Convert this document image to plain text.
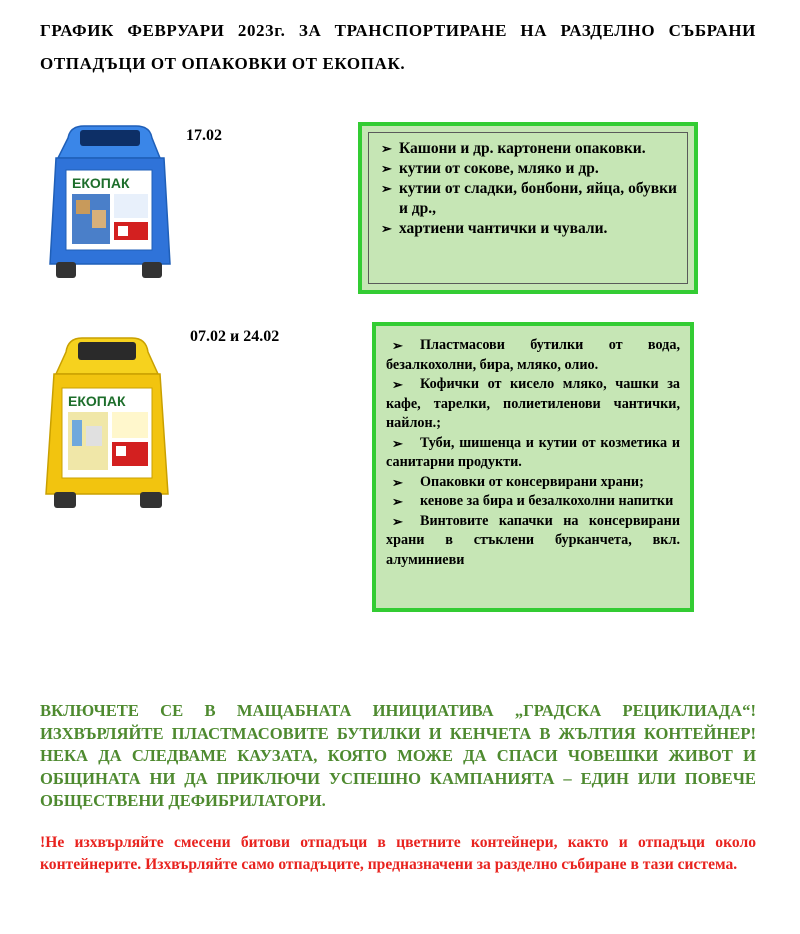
ГРАФИК ФЕВРУАРИ 2023г. ЗА ТРАНСПОРТИРАНЕ НА РАЗДЕЛНО СЪБРАНИ ОТПАДЪЦИ ОТ ОПАКОВКИ ОТ ЕКОПАК.
ЕКОПАК
17.02
➢ Кашони и др. картонени опаковки.
➢ кутии от сокове, мляко и др.
➢ кутии от сладки, бонбони, яйца, обувки и др.,
➢ хартиени чантички и чували.
ЕКОПАК
07.02 и 24.02
➢	Пластмасови бутилки от вода, безалкохолни, бира, мляко, олио.
➢ Кофички от кисело мляко, чашки за кафе, тарелки, полиетиленови чантички, найлон.;
➢ Туби, шишенца и кутии от козметика и санитарни продукти.
➢ Опаковки от консервирани храни;
➢ кенове за бира и безалкохолни напитки
➢ Винтовите капачки на консервирани храни в стъклени бурканчета, вкл. алуминиеви
ВКЛЮЧЕТЕ СЕ В МАЩАБНАТА ИНИЦИАТИВА „ГРАДСКА РЕЦИКЛИАДА“! ИЗХВЪРЛЯЙТЕ ПЛАСТМАСОВИТЕ БУТИЛКИ И КЕНЧЕТА В ЖЪЛТИЯ КОНТЕЙНЕР! НЕКА ДА СЛЕДВАМЕ КАУЗАТА, КОЯТО МОЖЕ ДА СПАСИ ЧОВЕШКИ ЖИВОТ И ОБЩИНАТА НИ ДА ПРИКЛЮЧИ УСПЕШНО КАМПАНИЯТА – ЕДИН ИЛИ ПОВЕЧЕ ОБЩЕСТВЕНИ ДЕФИБРИЛАТОРИ.
!Не изхвърляйте смесени битови отпадъци в цветните контейнери, както и отпадъци около контейнерите. Изхвърляйте само отпадъците, предназначени за разделно събиране в тази система.
